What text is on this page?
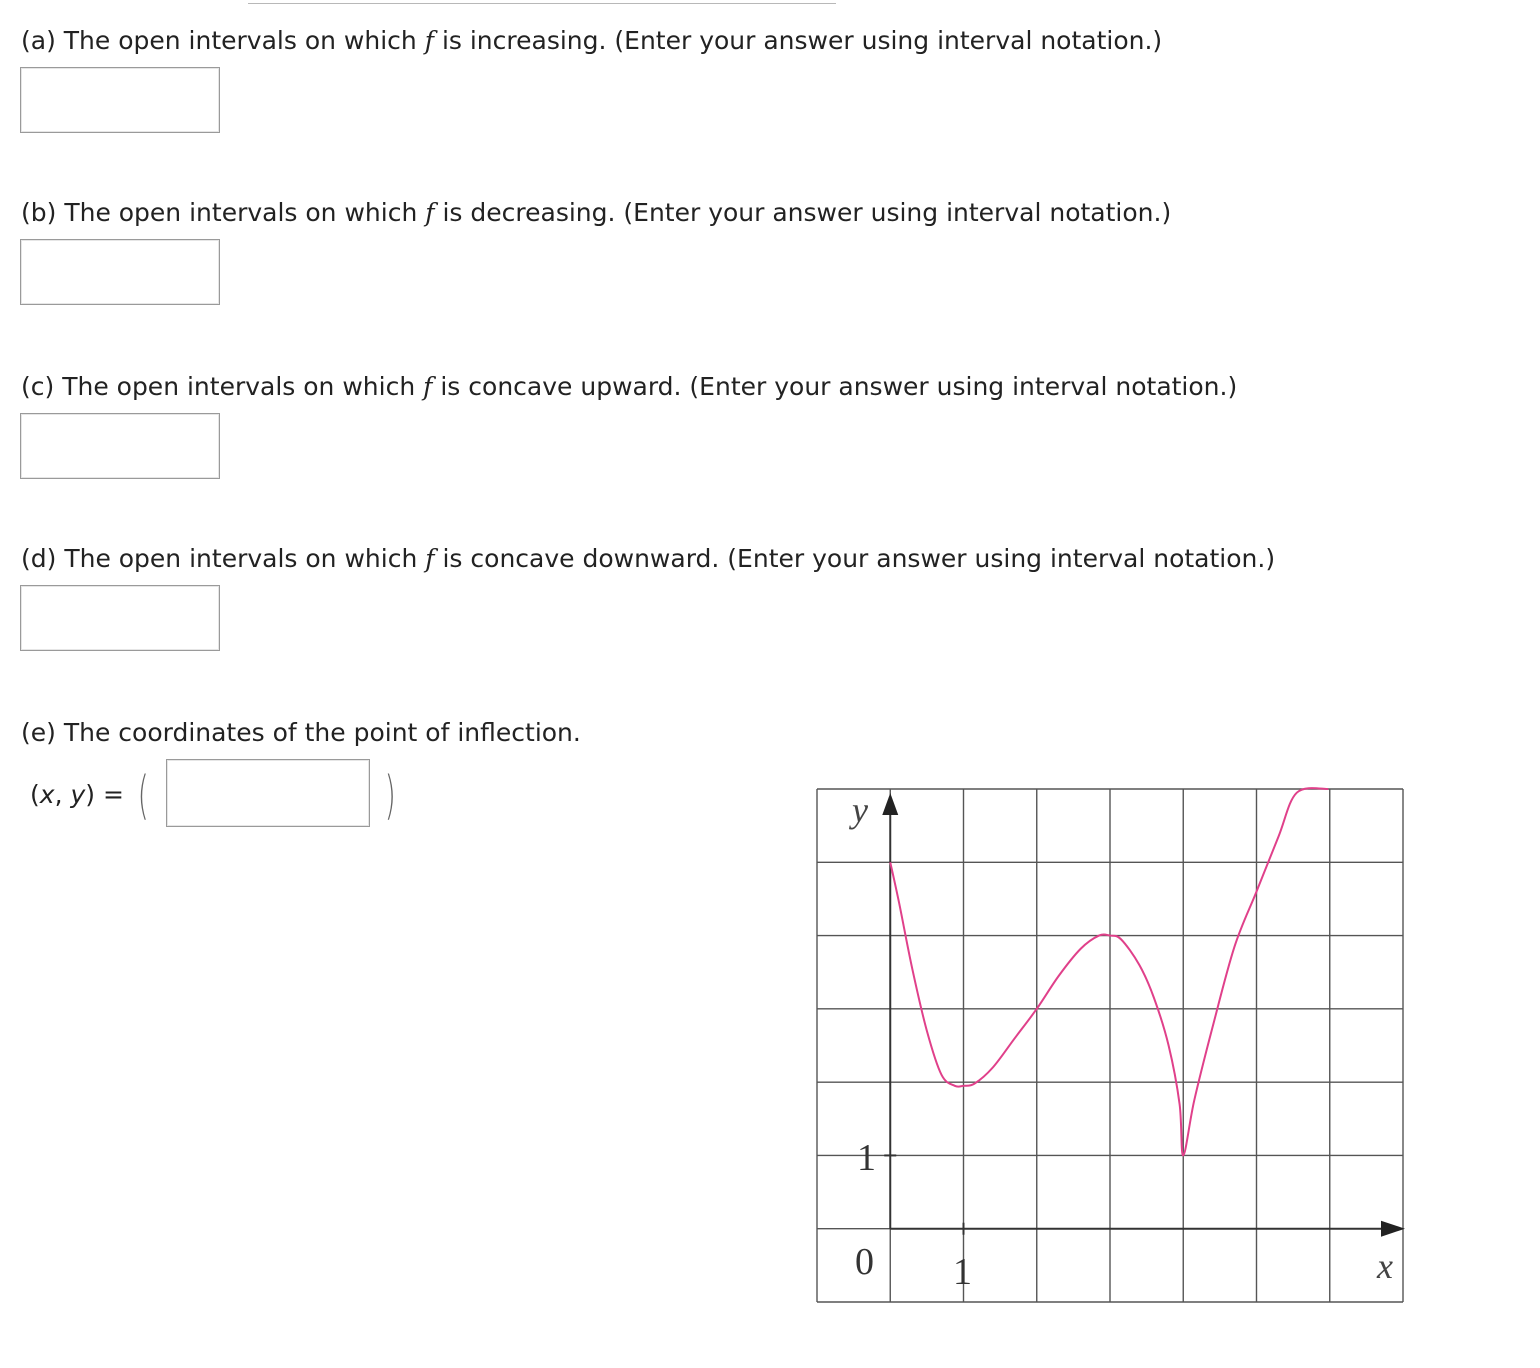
(a) The open intervals on which f is increasing. (Enter your answer using interval notation.)
(b) The open intervals on which f is decreasing. (Enter your answer using interval notation.)
(c) The open intervals on which f is concave upward. (Enter your answer using interval notation.)
(d) The open intervals on which f is concave downward. (Enter your answer using interval notation.)
(e) The coordinates of the point of inflection.
(x, y) = (	)	y
x
0 1
1
